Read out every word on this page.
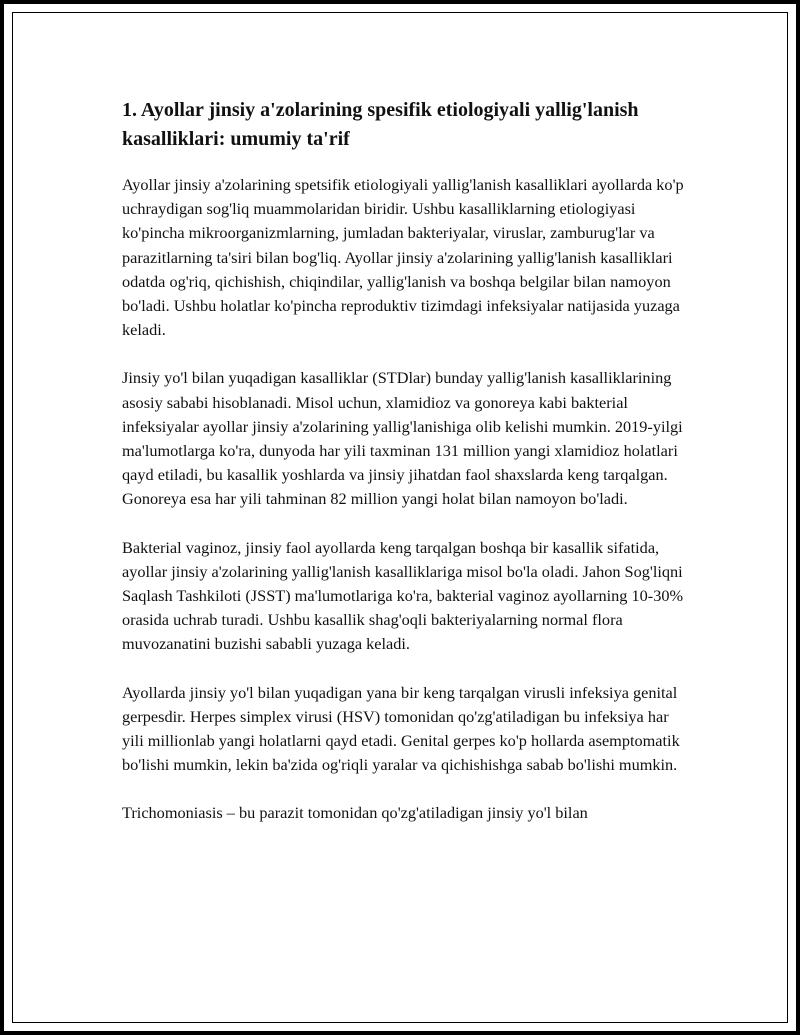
1. Ayollar jinsiy a'zolarining spesifik etiologiyali yallig'lanish kasalliklari: umumiy ta'rif

Ayollar jinsiy a'zolarining spetsifik etiologiyali yallig'lanish kasalliklari ayollarda ko'p uchraydigan sog'liq muammolaridan biridir. Ushbu kasalliklarning etiologiyasi ko'pincha mikroorganizmlarning, jumladan bakteriyalar, viruslar, zamburug'lar va parazitlarning ta'siri bilan bog'liq. Ayollar jinsiy a'zolarining yallig'lanish kasalliklari odatda og'riq, qichishish, chiqindilar, yallig'lanish va boshqa belgilar bilan namoyon bo'ladi. Ushbu holatlar ko'pincha reproduktiv tizimdagi infeksiyalar natijasida yuzaga keladi.

Jinsiy yo'l bilan yuqadigan kasalliklar (STDlar) bunday yallig'lanish kasalliklarining asosiy sababi hisoblanadi. Misol uchun, xlamidioz va gonoreya kabi bakterial infeksiyalar ayollar jinsiy a'zolarining yallig'lanishiga olib kelishi mumkin. 2019-yilgi ma'lumotlarga ko'ra, dunyoda har yili taxminan 131 million yangi xlamidioz holatlari qayd etiladi, bu kasallik yoshlarda va jinsiy jihatdan faol shaxslarda keng tarqalgan. Gonoreya esa har yili tahminan 82 million yangi holat bilan namoyon bo'ladi.

Bakterial vaginoz, jinsiy faol ayollarda keng tarqalgan boshqa bir kasallik sifatida, ayollar jinsiy a'zolarining yallig'lanish kasalliklariga misol bo'la oladi. Jahon Sog'liqni Saqlash Tashkiloti (JSST) ma'lumotlariga ko'ra, bakterial vaginoz ayollarning 10-30% orasida uchrab turadi. Ushbu kasallik shag'oqli bakteriyalarning normal flora muvozanatini buzishi sababli yuzaga keladi.

Ayollarda jinsiy yo'l bilan yuqadigan yana bir keng tarqalgan virusli infeksiya genital gerpesdir. Herpes simplex virusi (HSV) tomonidan qo'zg'atiladigan bu infeksiya har yili millionlab yangi holatlarni qayd etadi. Genital gerpes ko'p hollarda asemptomatik bo'lishi mumkin, lekin ba'zida og'riqli yaralar va qichishishga sabab bo'lishi mumkin.

Trichomoniasis – bu parazit tomonidan qo'zg'atiladigan jinsiy yo'l bilan
